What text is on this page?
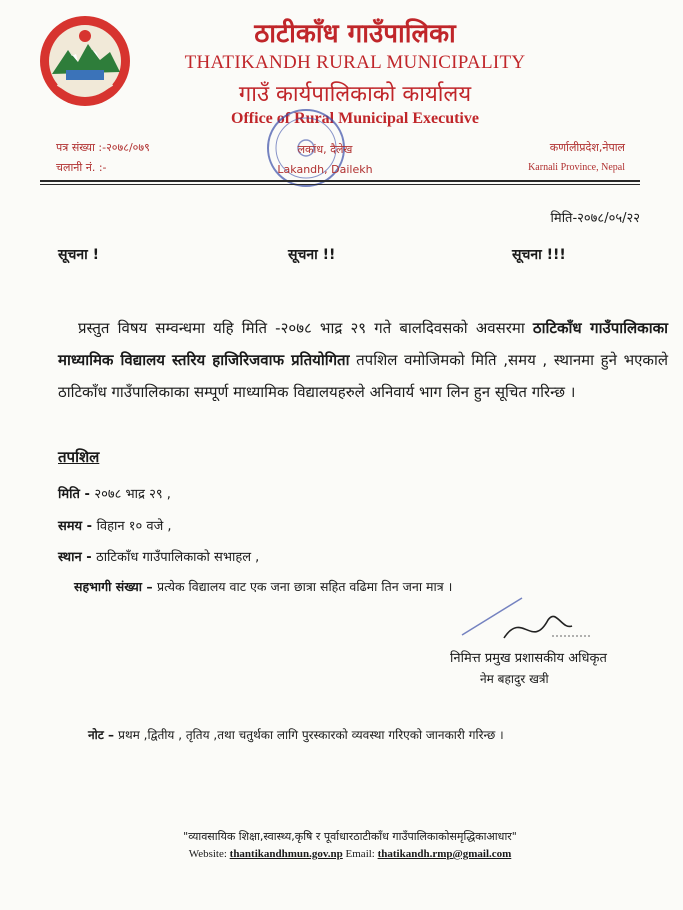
ठाटीकाँध गाउँपालिका
THATIKANDH RURAL MUNICIPALITY
गाउँ कार्यपालिकाको कार्यालय
Office of Rural Municipal Executive
पत्र संख्या :-२०७८/०७९
चलानी नं. :-
लकांध, दैलेख
Lakandh, Dailekh
कर्णालीप्रदेश,नेपाल
Karnali Province, Nepal
मिति-२०७८/०५/२२
सूचना !	सूचना !!	सूचना !!!

प्रस्तुत विषय सम्वन्धमा यहि मिति -२०७८ भाद्र २९ गते बालदिवसको अवसरमा ठाटिकाँध गाउँपालिकाका माध्यामिक विद्यालय स्तरिय हाजिरिजवाफ प्रतियोगिता तपशिल वमोजिमको मिति ,समय , स्थानमा हुने भएकाले ठाटिकाँध गाउँपालिकाका सम्पूर्ण माध्यामिक विद्यालयहरुले अनिवार्य भाग लिन हुन सूचित गरिन्छ ।

तपशिल
मिति - २०७८ भाद्र २९ ,
समय - विहान १० वजे ,
स्थान - ठाटिकाँध गाउँपालिकाको सभाहल ,
सहभागी संख्या – प्रत्येक विद्यालय वाट एक जना छात्रा सहित वढिमा तिन जना मात्र ।
निमित्त प्रमुख प्रशासकीय अधिकृत
नेम बहादुर खत्री
नोट – प्रथम ,द्वितीय , तृतिय ,तथा चतुर्थका लागि पुरस्कारको व्यवस्था गरिएको जानकारी गरिन्छ ।
"व्यावसायिक शिक्षा,स्वास्थ्य,कृषि र पूर्वाधारठाटीकाँध गाउँपालिकाकोसमृद्धिकाआधार"
Website: thantikandhmun.gov.np Email: thatikandh.rmp@gmail.com
